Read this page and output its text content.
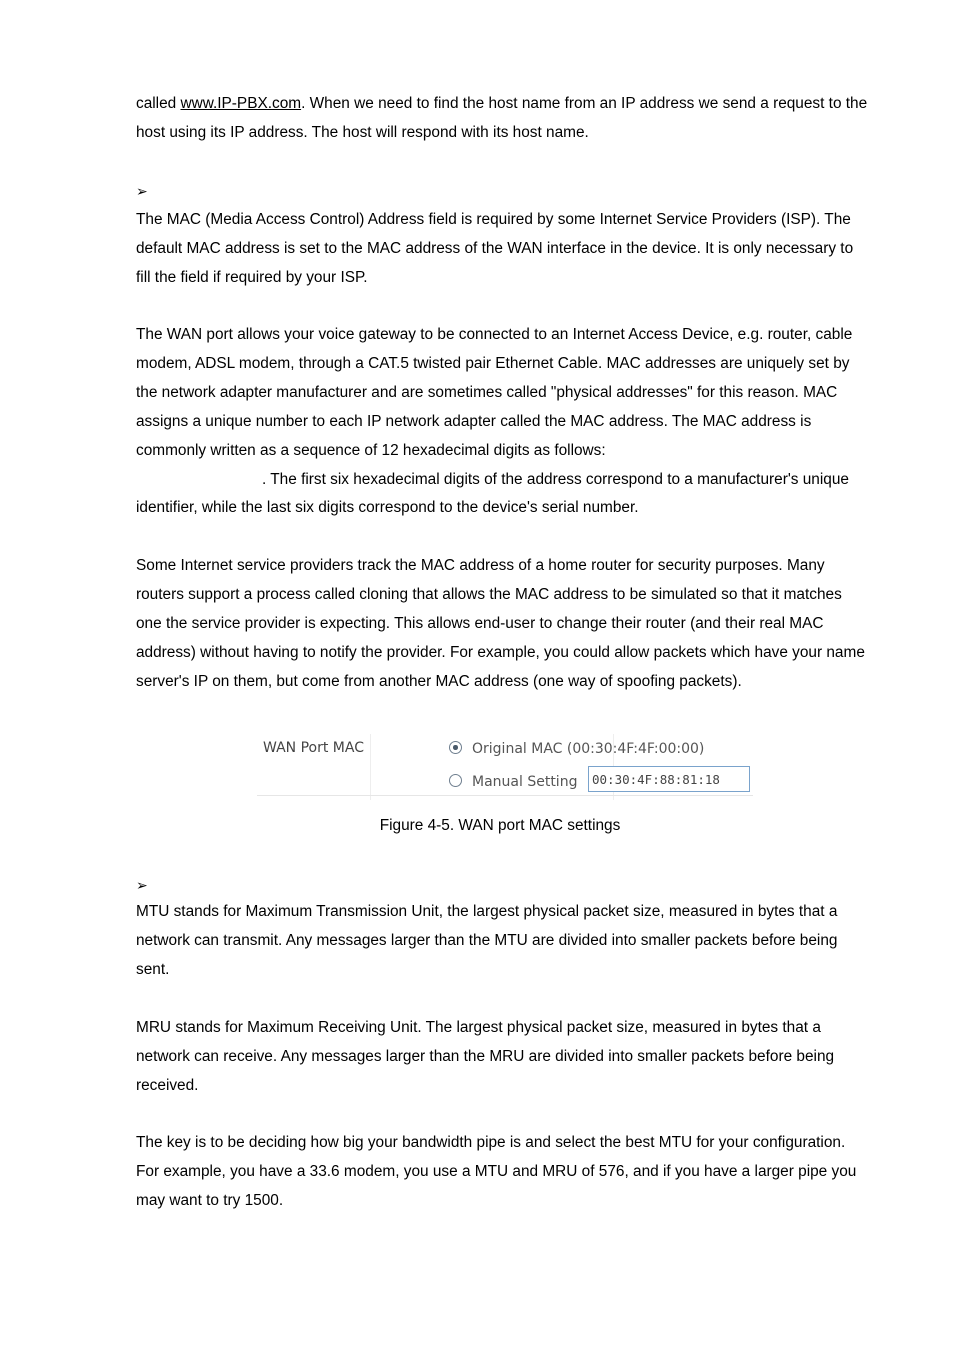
called www.IP-PBX.com. When we need to find the host name from an IP address we send a request to the host using its IP address. The host will respond with its host name.

➢

The MAC (Media Access Control) Address field is required by some Internet Service Providers (ISP). The default MAC address is set to the MAC address of the WAN interface in the device. It is only necessary to fill the field if required by your ISP.

The WAN port allows your voice gateway to be connected to an Internet Access Device, e.g. router, cable modem, ADSL modem, through a CAT.5 twisted pair Ethernet Cable. MAC addresses are uniquely set by the network adapter manufacturer and are sometimes called "physical addresses" for this reason. MAC assigns a unique number to each IP network adapter called the MAC address. The MAC address is commonly written as a sequence of 12 hexadecimal digits as follows:
. The first six hexadecimal digits of the address correspond to a manufacturer's unique identifier, while the last six digits correspond to the device's serial number.

Some Internet service providers track the MAC address of a home router for security purposes. Many routers support a process called cloning that allows the MAC address to be simulated so that it matches one the service provider is expecting. This allows end-user to change their router (and their real MAC address) without having to notify the provider. For example, you could allow packets which have your name server's IP on them, but come from another MAC address (one way of spoofing packets).

WAN Port MAC	Original MAC (00:30:4F:4F:00:00)
Manual Setting
00:30:4F:88:81:18
Figure 4-5. WAN port MAC settings
➢

MTU stands for Maximum Transmission Unit, the largest physical packet size, measured in bytes that a network can transmit. Any messages larger than the MTU are divided into smaller packets before being sent.

MRU stands for Maximum Receiving Unit. The largest physical packet size, measured in bytes that a network can receive. Any messages larger than the MRU are divided into smaller packets before being received.

The key is to be deciding how big your bandwidth pipe is and select the best MTU for your configuration. For example, you have a 33.6 modem, you use a MTU and MRU of 576, and if you have a larger pipe you may want to try 1500.
